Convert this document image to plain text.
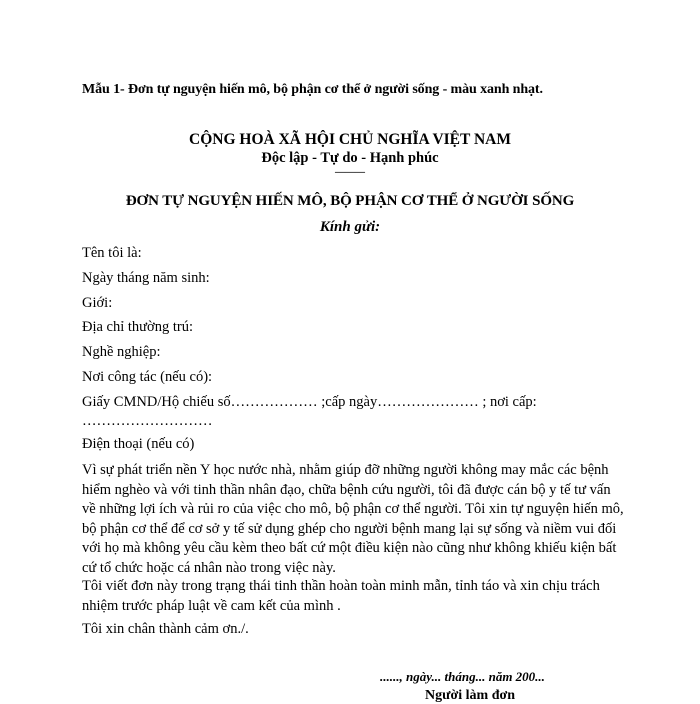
Mẫu 1- Đơn tự nguyện hiến mô, bộ phận cơ thể ở người sống - màu xanh nhạt.
CỘNG HOÀ XÃ HỘI CHỦ NGHĨA VIỆT NAM
Độc lập - Tự do - Hạnh phúc
———
ĐƠN TỰ NGUYỆN HIẾN MÔ, BỘ PHẬN CƠ THỂ Ở NGƯỜI SỐNG
Kính gửi:
Tên tôi là:
Ngày tháng năm sinh:
Giới:
Địa chỉ thường trú:
Nghề nghiệp:
Nơi công tác (nếu có):
Giấy CMND/Hộ chiếu số……………… ;cấp ngày………………… ; nơi cấp:
………………………
Điện thoại (nếu có)
Vì sự phát triển nền Y học nước nhà, nhằm giúp đỡ những người không may mắc các bệnh hiểm nghèo và với tinh thần nhân đạo, chữa bệnh cứu người, tôi đã được cán bộ y tế tư vấn về những lợi ích và rủi ro của việc cho mô, bộ phận cơ thể người. Tôi xin tự nguyện hiến mô, bộ phận cơ thể để cơ sở y tế sử dụng ghép cho người bệnh mang lại sự sống và niềm vui đối với họ mà không yêu cầu kèm theo bất cứ một điều kiện nào cũng như không khiếu kiện bất cứ tổ chức hoặc cá nhân nào trong việc này.
Tôi viết đơn này trong trạng thái tinh thần hoàn toàn minh mẫn, tỉnh táo và xin chịu trách nhiệm trước pháp luật về cam kết của mình .
Tôi xin chân thành cảm ơn./.
......, ngày... tháng... năm 200...
Người làm đơn
